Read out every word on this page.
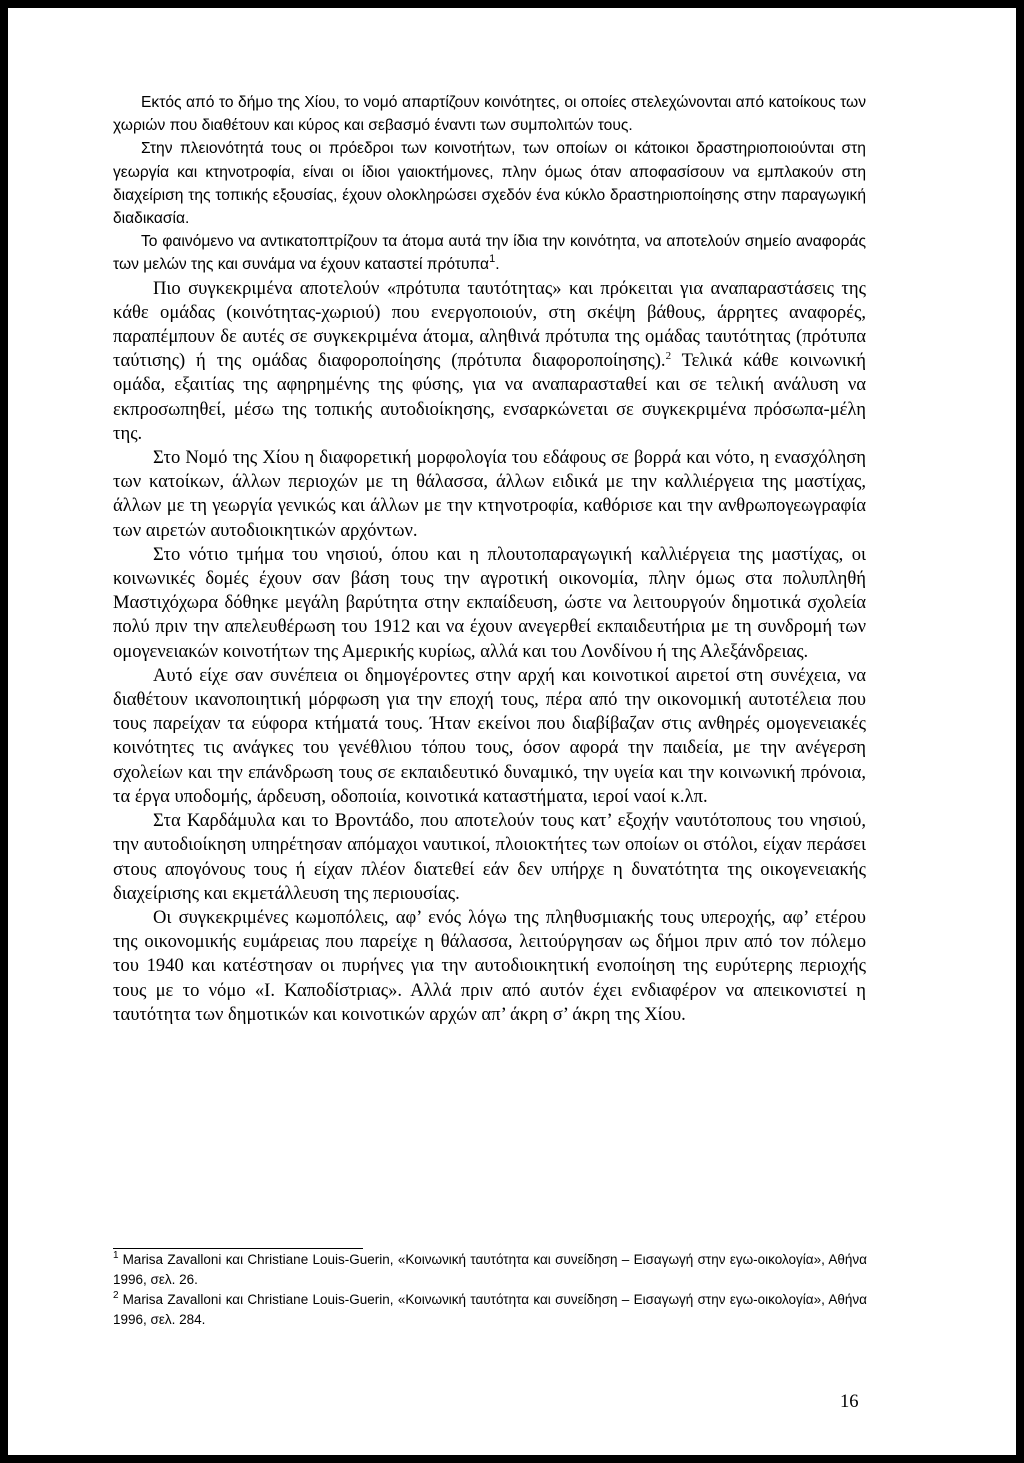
Εκτός από το δήμο της Χίου, το νομό απαρτίζουν κοινότητες, οι οποίες στελεχώνονται από κατοίκους των χωριών που διαθέτουν και κύρος και σεβασμό έναντι των συμπολιτών τους.

Στην πλειονότητά τους οι πρόεδροι των κοινοτήτων, των οποίων οι κάτοικοι δραστηριοποιούνται στη γεωργία και κτηνοτροφία, είναι οι ίδιοι γαιοκτήμονες, πλην όμως όταν αποφασίσουν να εμπλακούν στη διαχείριση της τοπικής εξουσίας, έχουν ολοκληρώσει σχεδόν ένα κύκλο δραστηριοποίησης στην παραγωγική διαδικασία.

Το φαινόμενο να αντικατοπτρίζουν τα άτομα αυτά την ίδια την κοινότητα, να αποτελούν σημείο αναφοράς των μελών της και συνάμα να έχουν καταστεί πρότυπα$^1$.

Πιο συγκεκριμένα αποτελούν «πρότυπα ταυτότητας» και πρόκειται για αναπαραστάσεις της κάθε ομάδας (κοινότητας-χωριού) που ενεργοποιούν, στη σκέψη βάθους, άρρητες αναφορές, παραπέμπουν δε αυτές σε συγκεκριμένα άτομα, αληθινά πρότυπα της ομάδας ταυτότητας (πρότυπα ταύτισης) ή της ομάδας διαφοροποίησης (πρότυπα διαφοροποίησης).$^2$ Τελικά κάθε κοινωνική ομάδα, εξαιτίας της αφηρημένης της φύσης, για να αναπαρασταθεί και σε τελική ανάλυση να εκπροσωπηθεί, μέσω της τοπικής αυτοδιοίκησης, ενσαρκώνεται σε συγκεκριμένα πρόσωπα-μέλη της.

Στο Νομό της Χίου η διαφορετική μορφολογία του εδάφους σε βορρά και νότο, η ενασχόληση των κατοίκων, άλλων περιοχών με τη θάλασσα, άλλων ειδικά με την καλλιέργεια της μαστίχας, άλλων με τη γεωργία γενικώς και άλλων με την κτηνοτροφία, καθόρισε και την ανθρωπογεωγραφία των αιρετών αυτοδιοικητικών αρχόντων.

Στο νότιο τμήμα του νησιού, όπου και η πλουτοπαραγωγική καλλιέργεια της μαστίχας, οι κοινωνικές δομές έχουν σαν βάση τους την αγροτική οικονομία, πλην όμως στα πολυπληθή Μαστιχόχωρα δόθηκε μεγάλη βαρύτητα στην εκπαίδευση, ώστε να λειτουργούν δημοτικά σχολεία πολύ πριν την απελευθέρωση του 1912 και να έχουν ανεγερθεί εκπαιδευτήρια με τη συνδρομή των ομογενειακών κοινοτήτων της Αμερικής κυρίως, αλλά και του Λονδίνου ή της Αλεξάνδρειας.

Αυτό είχε σαν συνέπεια οι δημογέροντες στην αρχή και κοινοτικοί αιρετοί στη συνέχεια, να διαθέτουν ικανοποιητική μόρφωση για την εποχή τους, πέρα από την οικονομική αυτοτέλεια που τους παρείχαν τα εύφορα κτήματά τους. Ήταν εκείνοι που διαβίβαζαν στις ανθηρές ομογενειακές κοινότητες τις ανάγκες του γενέθλιου τόπου τους, όσον αφορά την παιδεία, με την ανέγερση σχολείων και την επάνδρωση τους σε εκπαιδευτικό δυναμικό, την υγεία και την κοινωνική πρόνοια, τα έργα υποδομής, άρδευση, οδοποιία, κοινοτικά καταστήματα, ιεροί ναοί κ.λπ.

Στα Καρδάμυλα και το Βροντάδο, που αποτελούν τους κατ’ εξοχήν ναυτότοπους του νησιού, την αυτοδιοίκηση υπηρέτησαν απόμαχοι ναυτικοί, πλοιοκτήτες των οποίων οι στόλοι, είχαν περάσει στους απογόνους τους ή είχαν πλέον διατεθεί εάν δεν υπήρχε η δυνατότητα της οικογενειακής διαχείρισης και εκμετάλλευση της περιουσίας.

Οι συγκεκριμένες κωμοπόλεις, αφ’ ενός λόγω της πληθυσμιακής τους υπεροχής, αφ’ ετέρου της οικονομικής ευμάρειας που παρείχε η θάλασσα, λειτούργησαν ως δήμοι πριν από τον πόλεμο του 1940 και κατέστησαν οι πυρήνες για την αυτοδιοικητική ενοποίηση της ευρύτερης περιοχής τους με το νόμο «Ι. Καποδίστριας». Αλλά πριν από αυτόν έχει ενδιαφέρον να απεικονιστεί η ταυτότητα των δημοτικών και κοινοτικών αρχών απ’ άκρη σ’ άκρη της Χίου.

$^1$ Marisa Zavalloni και Christiane Louis-Guerin, «Κοινωνική ταυτότητα και συνείδηση – Εισαγωγή στην εγω-οικολογία», Αθήνα 1996, σελ. 26.

$^2$ Marisa Zavalloni και Christiane Louis-Guerin, «Κοινωνική ταυτότητα και συνείδηση – Εισαγωγή στην εγω-οικολογία», Αθήνα 1996, σελ. 284.

16
